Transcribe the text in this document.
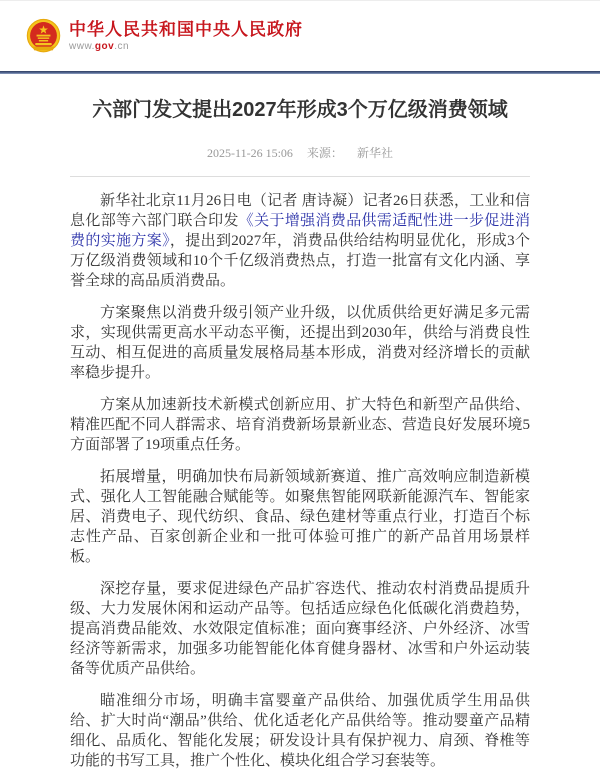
中华人民共和国中央人民政府
www.gov.cn
六部门发文提出2027年形成3个万亿级消费领域
2025-11-26 15:06 来源： 新华社

新华社北京11月26日电（记者 唐诗凝）记者26日获悉，工业和信息化部等六部门联合印发《关于增强消费品供需适配性进一步促进消费的实施方案》，提出到2027年，消费品供给结构明显优化，形成3个万亿级消费领域和10个千亿级消费热点，打造一批富有文化内涵、享誉全球的高品质消费品。

方案聚焦以消费升级引领产业升级，以优质供给更好满足多元需求，实现供需更高水平动态平衡，还提出到2030年，供给与消费良性互动、相互促进的高质量发展格局基本形成，消费对经济增长的贡献率稳步提升。

方案从加速新技术新模式创新应用、扩大特色和新型产品供给、精准匹配不同人群需求、培育消费新场景新业态、营造良好发展环境5方面部署了19项重点任务。

拓展增量，明确加快布局新领域新赛道、推广高效响应制造新模式、强化人工智能融合赋能等。如聚焦智能网联新能源汽车、智能家居、消费电子、现代纺织、食品、绿色建材等重点行业，打造百个标志性产品、百家创新企业和一批可体验可推广的新产品首用场景样板。

深挖存量，要求促进绿色产品扩容迭代、推动农村消费品提质升级、大力发展休闲和运动产品等。包括适应绿色化低碳化消费趋势，提高消费品能效、水效限定值标准；面向赛事经济、户外经济、冰雪经济等新需求，加强多功能智能化体育健身器材、冰雪和户外运动装备等优质产品供给。

瞄准细分市场，明确丰富婴童产品供给、加强优质学生用品供给、扩大时尚“潮品”供给、优化适老化产品供给等。推动婴童产品精细化、品质化、智能化发展；研发设计具有保护视力、肩颈、脊椎等功能的书写工具，推广个性化、模块化组合学习套装等。
